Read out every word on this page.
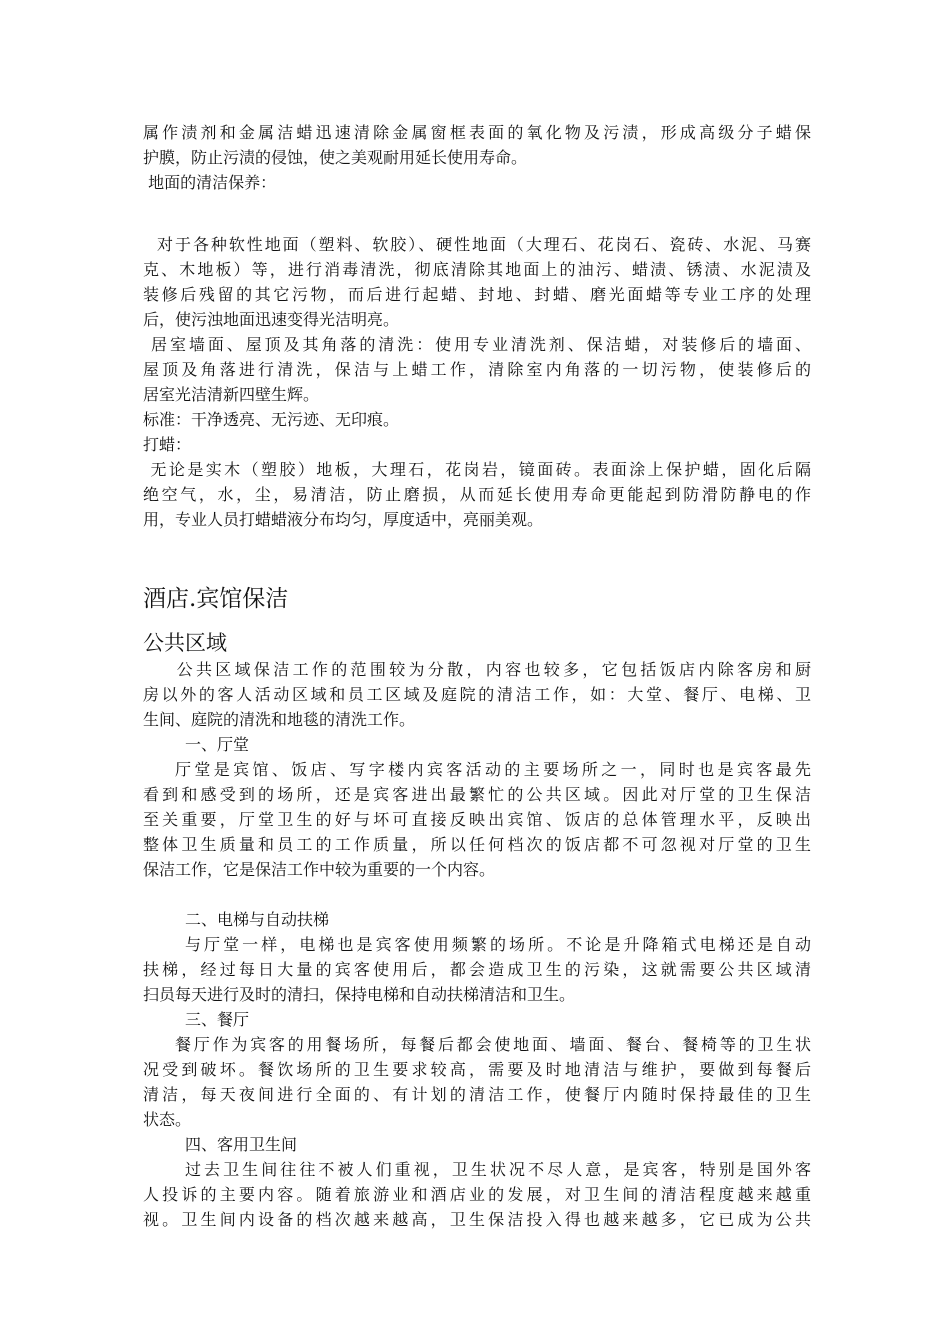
属作渍剂和金属洁蜡迅速清除金属窗框表面的氧化物及污渍，形成高级分子蜡保
护膜，防止污渍的侵蚀，使之美观耐用延长使用寿命。
地面的清洁保养：
对于各种软性地面（塑料、软胶）、硬性地面（大理石、花岗石、瓷砖、水泥、马赛
克、木地板）等，进行消毒清洗，彻底清除其地面上的油污、蜡渍、锈渍、水泥渍及
装修后残留的其它污物，而后进行起蜡、封地、封蜡、磨光面蜡等专业工序的处理
后，使污浊地面迅速变得光洁明亮。
居室墙面、屋顶及其角落的清洗：使用专业清洗剂、保洁蜡，对装修后的墙面、
屋顶及角落进行清洗，保洁与上蜡工作，清除室内角落的一切污物，使装修后的
居室光洁清新四壁生辉。
标准：干净透亮、无污迹、无印痕。
打蜡：
无论是实木（塑胶）地板，大理石，花岗岩，镜面砖。表面涂上保护蜡，固化后隔
绝空气，水，尘，易清洁，防止磨损，从而延长使用寿命更能起到防滑防静电的作
用，专业人员打蜡蜡液分布均匀，厚度适中，亮丽美观。
酒店.宾馆保洁
公共区域
公共区域保洁工作的范围较为分散，内容也较多，它包括饭店内除客房和厨
房以外的客人活动区域和员工区域及庭院的清洁工作，如：大堂、餐厅、电梯、卫
生间、庭院的清洗和地毯的清洗工作。
一、厅堂
厅堂是宾馆、饭店、写字楼内宾客活动的主要场所之一，同时也是宾客最先
看到和感受到的场所，还是宾客进出最繁忙的公共区域。因此对厅堂的卫生保洁
至关重要，厅堂卫生的好与坏可直接反映出宾馆、饭店的总体管理水平，反映出
整体卫生质量和员工的工作质量，所以任何档次的饭店都不可忽视对厅堂的卫生
保洁工作，它是保洁工作中较为重要的一个内容。
二、电梯与自动扶梯
与厅堂一样，电梯也是宾客使用频繁的场所。不论是升降箱式电梯还是自动
扶梯，经过每日大量的宾客使用后，都会造成卫生的污染，这就需要公共区域清
扫员每天进行及时的清扫，保持电梯和自动扶梯清洁和卫生。
三、餐厅
餐厅作为宾客的用餐场所，每餐后都会使地面、墙面、餐台、餐椅等的卫生状
况受到破坏。餐饮场所的卫生要求较高，需要及时地清洁与维护，要做到每餐后
清洁，每天夜间进行全面的、有计划的清洁工作，使餐厅内随时保持最佳的卫生
状态。
四、客用卫生间
过去卫生间往往不被人们重视，卫生状况不尽人意，是宾客，特别是国外客
人投诉的主要内容。随着旅游业和酒店业的发展，对卫生间的清洁程度越来越重
视。卫生间内设备的档次越来越高，卫生保洁投入得也越来越多，它已成为公共
